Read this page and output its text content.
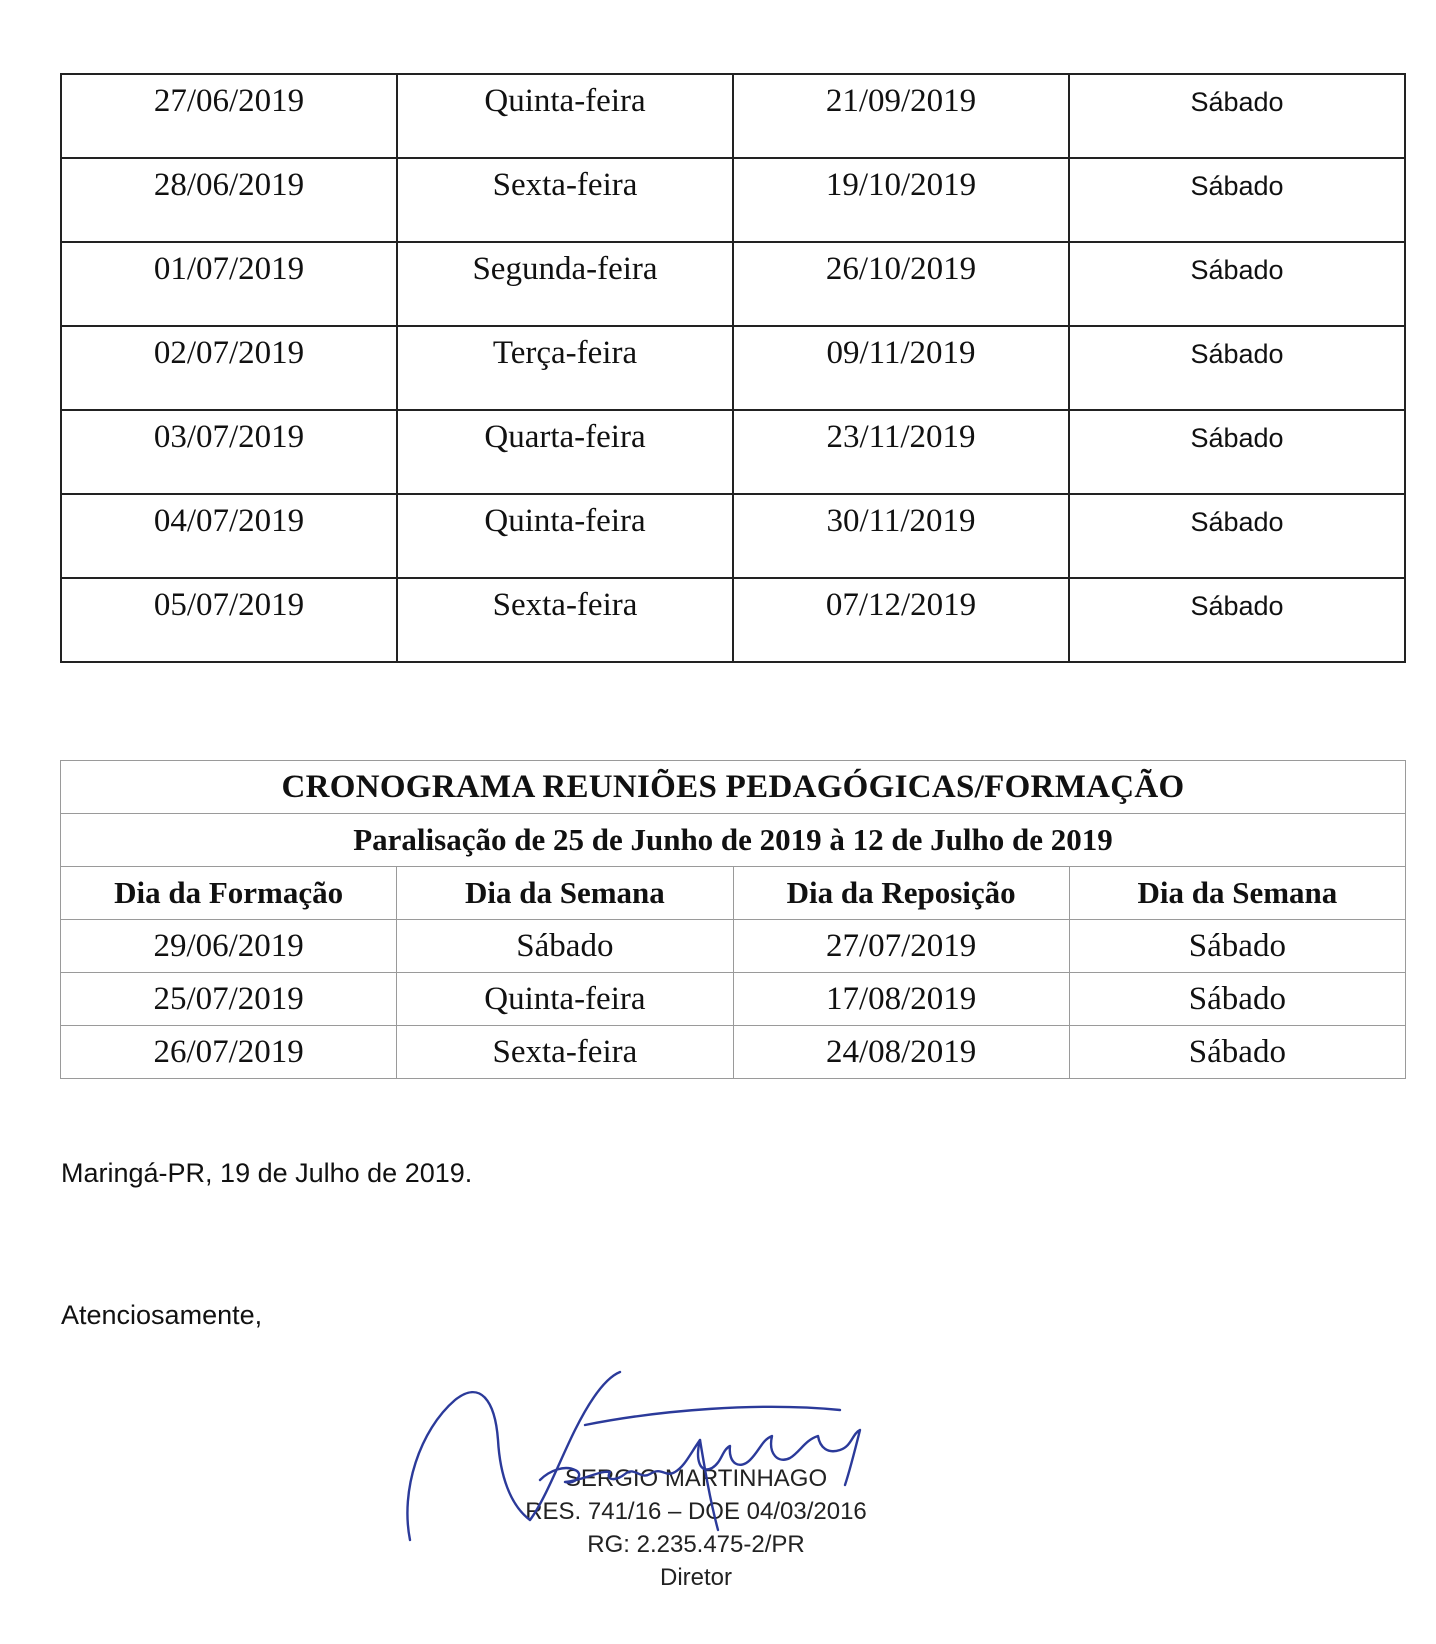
27/06/2019	Quinta-feira	21/09/2019	Sábado
28/06/2019	Sexta-feira	19/10/2019	Sábado
01/07/2019	Segunda-feira	26/10/2019	Sábado
02/07/2019	Terça-feira	09/11/2019	Sábado
03/07/2019	Quarta-feira	23/11/2019	Sábado
04/07/2019	Quinta-feira	30/11/2019	Sábado
05/07/2019	Sexta-feira	07/12/2019	Sábado
CRONOGRAMA REUNIÕES PEDAGÓGICAS/FORMAÇÃO			
Paralisação de 25 de Junho de 2019 à 12 de Julho de 2019			
Dia da Formação	Dia da Semana	Dia da Reposição	Dia da Semana
29/06/2019	Sábado	27/07/2019	Sábado
25/07/2019	Quinta-feira	17/08/2019	Sábado
26/07/2019	Sexta-feira	24/08/2019	Sábado
Maringá-PR, 19 de Julho de 2019.
Atenciosamente,
SERGIO MARTINHAGO
RES. 741/16 – DOE 04/03/2016
RG: 2.235.475-2/PR
Diretor
